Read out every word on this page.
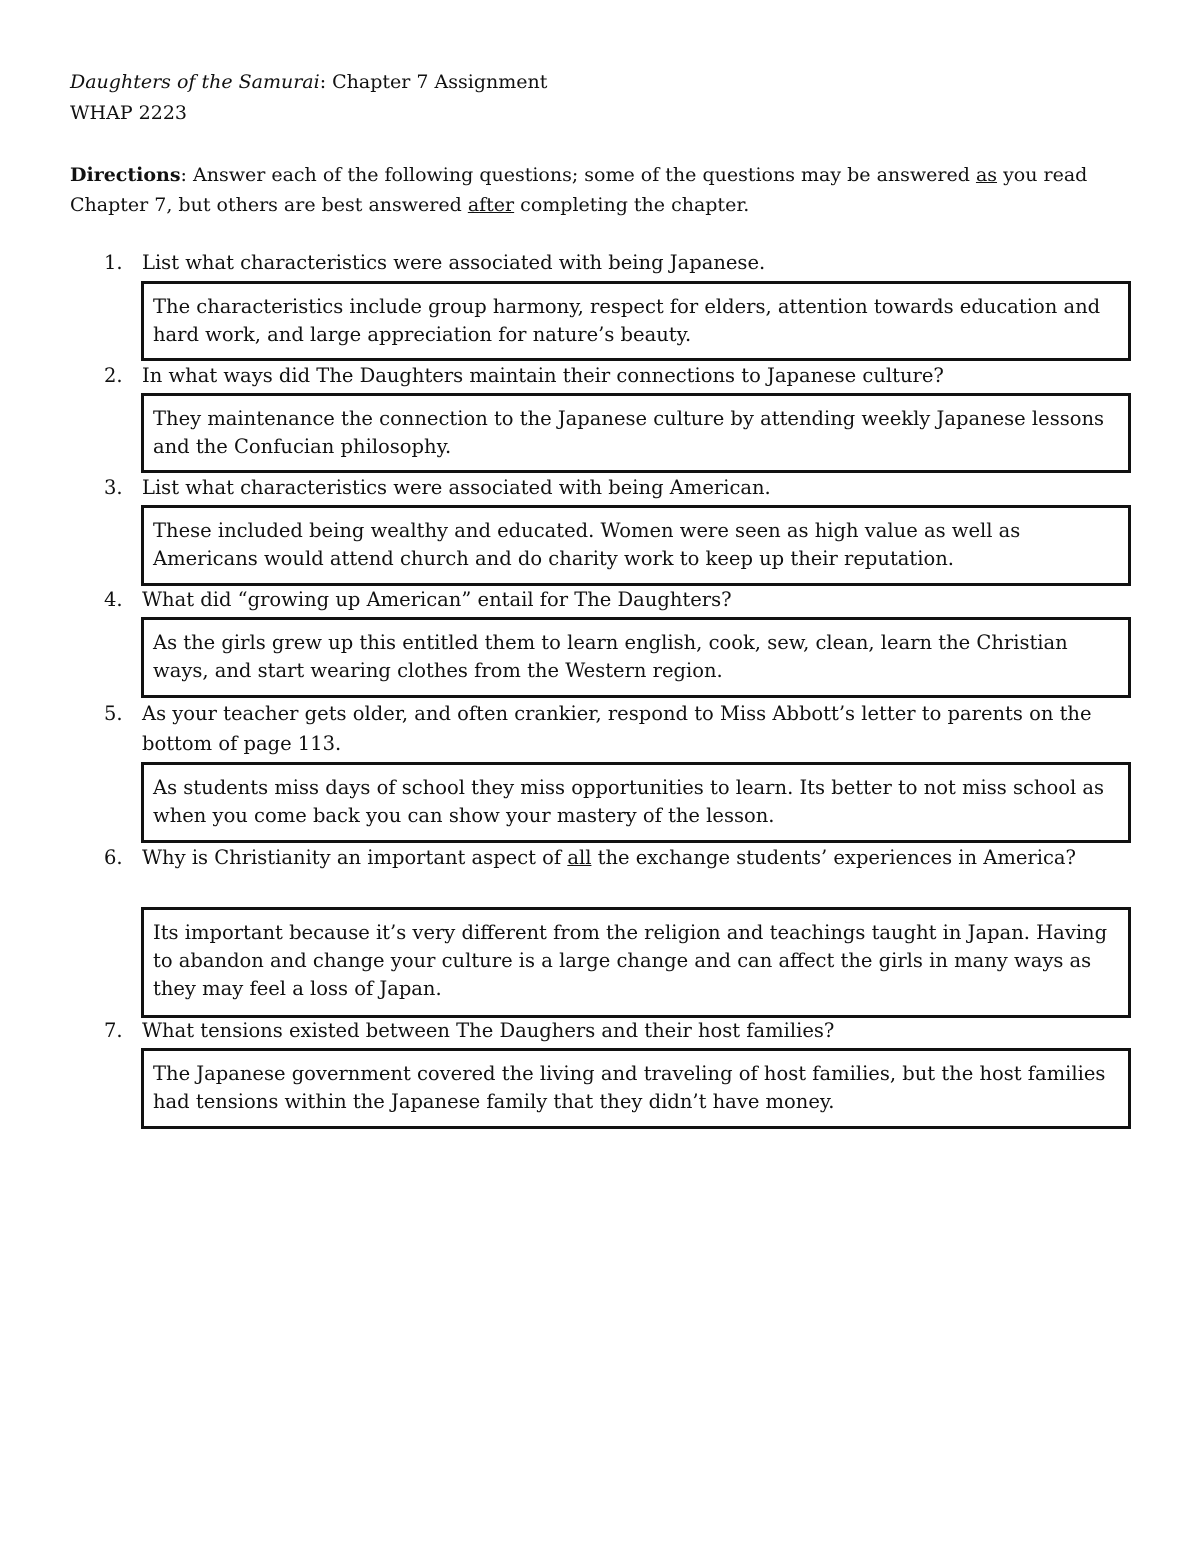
Daughters of the Samurai: Chapter 7 Assignment
WHAP 2223
Directions: Answer each of the following questions; some of the questions may be answered as you read Chapter 7, but others are best answered after completing the chapter.
1. List what characteristics were associated with being Japanese.
The characteristics include group harmony, respect for elders, attention towards education and hard work, and large appreciation for nature’s beauty.
2. In what ways did The Daughters maintain their connections to Japanese culture?
They maintenance the connection to the Japanese culture by attending weekly Japanese lessons and the Confucian philosophy.
3. List what characteristics were associated with being American.
These included being wealthy and educated. Women were seen as high value as well as Americans would attend church and do charity work to keep up their reputation.
4. What did “growing up American” entail for The Daughters?
As the girls grew up this entitled them to learn english, cook, sew, clean, learn the Christian ways, and start wearing clothes from the Western region.
5. As your teacher gets older, and often crankier, respond to Miss Abbott’s letter to parents on the bottom of page 113.
As students miss days of school they miss opportunities to learn. Its better to not miss school as when you come back you can show your mastery of the lesson.
6. Why is Christianity an important aspect of all the exchange students’ experiences in America?
Its important because it’s very different from the religion and teachings taught in Japan. Having to abandon and change your culture is a large change and can affect the girls in many ways as they may feel a loss of Japan.
7. What tensions existed between The Daughers and their host families?
The Japanese government covered the living and traveling of host families, but the host families had tensions within the Japanese family that they didn’t have money.
